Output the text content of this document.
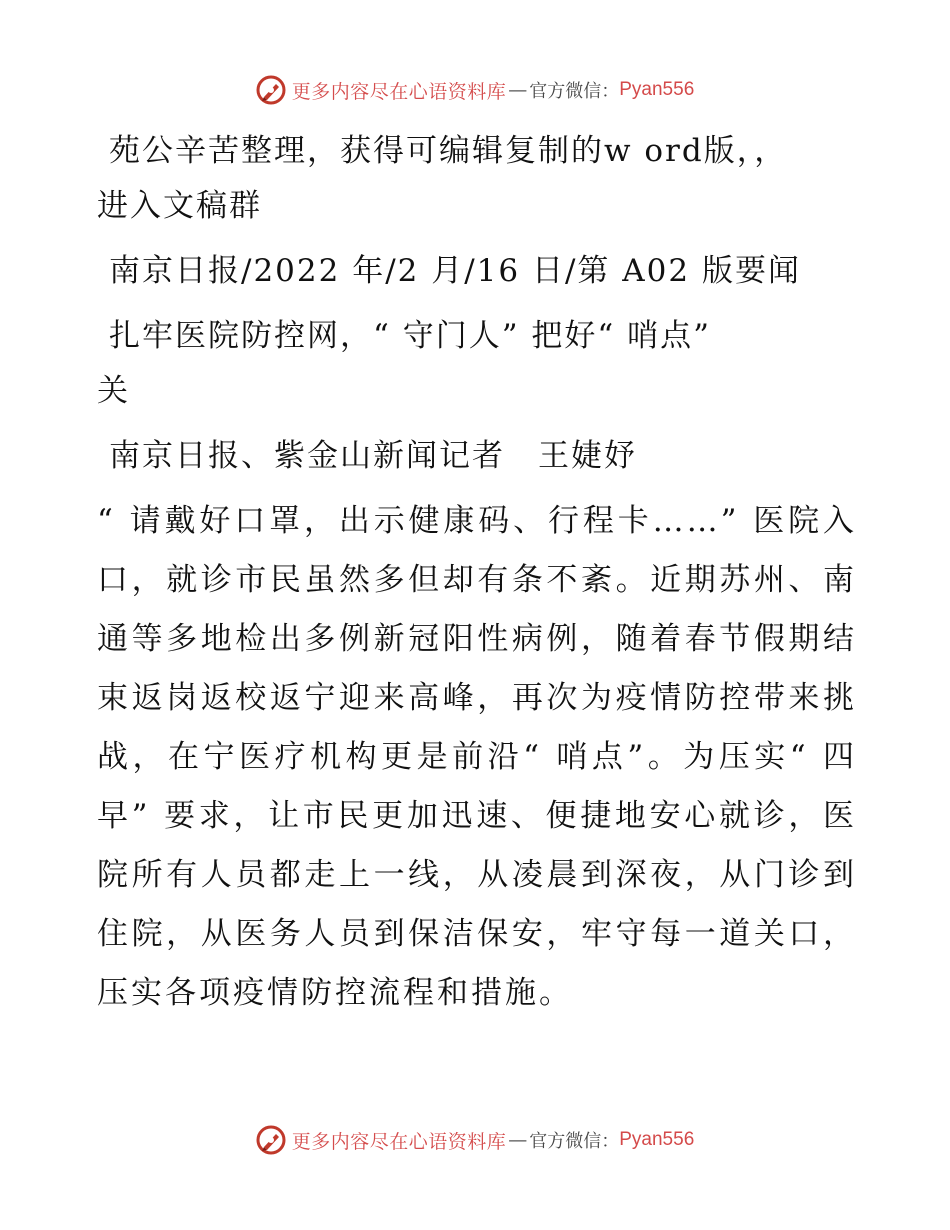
更多内容尽在心语资料库 — 官方微信： Pyan556

苑公辛苦整理，获得可编辑复制的w ord版，，

进入文稿群

南京日报/2022 年/2 月/16 日/第 A02 版要闻

扎牢医院防控网，“ 守门人” 把好“ 哨点”

关

南京日报、紫金山新闻记者　王婕妤

“ 请戴好口罩，出示健康码、行程卡……” 医院入口，就诊市民虽然多但却有条不紊。近期苏州、南通等多地检出多例新冠阳性病例，随着春节假期结束返岗返校返宁迎来高峰，再次为疫情防控带来挑战，在宁医疗机构更是前沿“ 哨点”。为压实“ 四早” 要求，让市民更加迅速、便捷地安心就诊，医院所有人员都走上一线，从凌晨到深夜，从门诊到住院，从医务人员到保洁保安，牢守每一道关口，压实各项疫情防控流程和措施。

更多内容尽在心语资料库 — 官方微信： Pyan556
